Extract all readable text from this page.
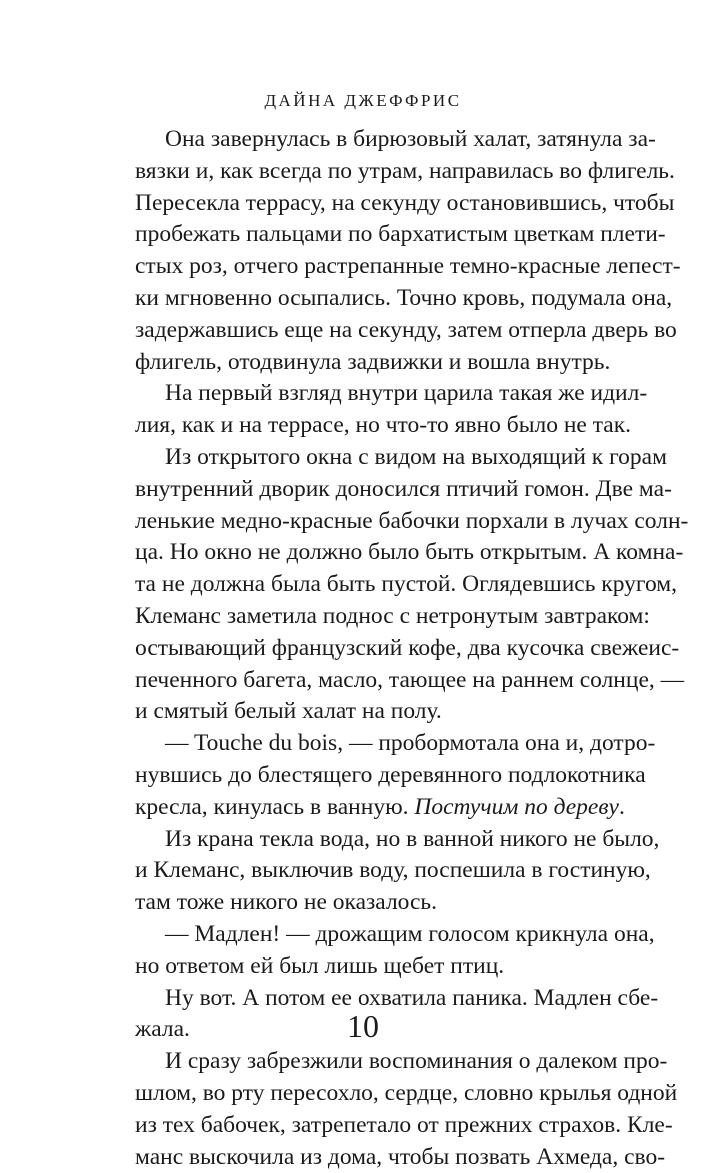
ДАЙНА ДЖЕФФРИС
Она завернулась в бирюзовый халат, затянула за-
вязки и, как всегда по утрам, направилась во флигель.
Пересекла террасу, на секунду остановившись, чтобы
пробежать пальцами по бархатистым цветкам плети-
стых роз, отчего растрепанные темно-красные лепест-
ки мгновенно осыпались. Точно кровь, подумала она,
задержавшись еще на секунду, затем отперла дверь во
флигель, отодвинула задвижки и вошла внутрь.
На первый взгляд внутри царила такая же идил-
лия, как и на террасе, но что-то явно было не так.
Из открытого окна с видом на выходящий к горам
внутренний дворик доносился птичий гомон. Две ма-
ленькие медно-красные бабочки порхали в лучах солн-
ца. Но окно не должно было быть открытым. А комна-
та не должна была быть пустой. Оглядевшись кругом,
Клеманс заметила поднос с нетронутым завтраком:
остывающий французский кофе, два кусочка свежеис-
печенного багета, масло, тающее на раннем солнце, —
и смятый белый халат на полу.
— Touche du bois, — пробормотала она и, дотро-
нувшись до блестящего деревянного подлокотника
кресла, кинулась в ванную. Постучим по дереву.
Из крана текла вода, но в ванной никого не было,
и Клеманс, выключив воду, поспешила в гостиную,
там тоже никого не оказалось.
— Мадлен! — дрожащим голосом крикнула она,
но ответом ей был лишь щебет птиц.
Ну вот. А потом ее охватила паника. Мадлен сбе-
жала.
И сразу забрезжили воспоминания о далеком про-
шлом, во рту пересохло, сердце, словно крылья одной
из тех бабочек, затрепетало от прежних страхов. Кле-
манс выскочила из дома, чтобы позвать Ахмеда, сво-
10
